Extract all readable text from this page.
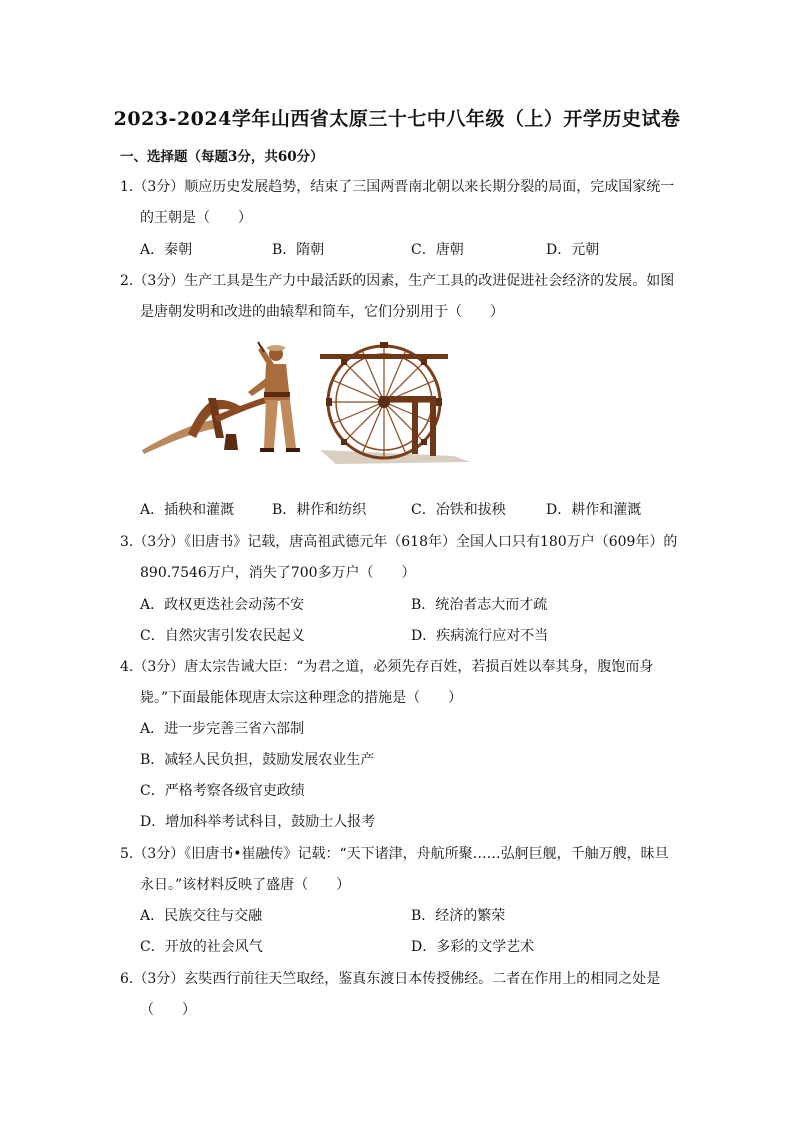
2023-2024学年山西省太原三十七中八年级（上）开学历史试卷
一、选择题（每题3分，共60分）
1.（3分）顺应历史发展趋势，结束了三国两晋南北朝以来长期分裂的局面，完成国家统一
的王朝是（　　）
A．秦朝	B．隋朝	C．唐朝	D．元朝
2.（3分）生产工具是生产力中最活跃的因素，生产工具的改进促进社会经济的发展。如图
是唐朝发明和改进的曲辕犁和筒车，它们分别用于（　　）
A．插秧和灌溉	B．耕作和纺织	C．冶铁和拔秧	D．耕作和灌溉
3.（3分）《旧唐书》记载，唐高祖武德元年（618年）全国人口只有180万户（609年）的
890.7546万户，消失了700多万户（　　）
A．政权更迭社会动荡不安	B．统治者志大而才疏
C．自然灾害引发农民起义	D．疾病流行应对不当
4.（3分）唐太宗告诫大臣：“为君之道，必须先存百姓，若损百姓以奉其身，腹饱而身
毙。”下面最能体现唐太宗这种理念的措施是（　　）
A．进一步完善三省六部制
B．减轻人民负担，鼓励发展农业生产
C．严格考察各级官吏政绩
D．增加科举考试科目，鼓励士人报考
5.（3分）《旧唐书•崔融传》记载：“天下诸津，舟航所聚……弘舸巨舰，千舳万艘，昧旦
永日。”该材料反映了盛唐（　　）
A．民族交往与交融	B．经济的繁荣
C．开放的社会风气	D．多彩的文学艺术
6.（3分）玄奘西行前往天竺取经，鉴真东渡日本传授佛经。二者在作用上的相同之处是
（　　）
